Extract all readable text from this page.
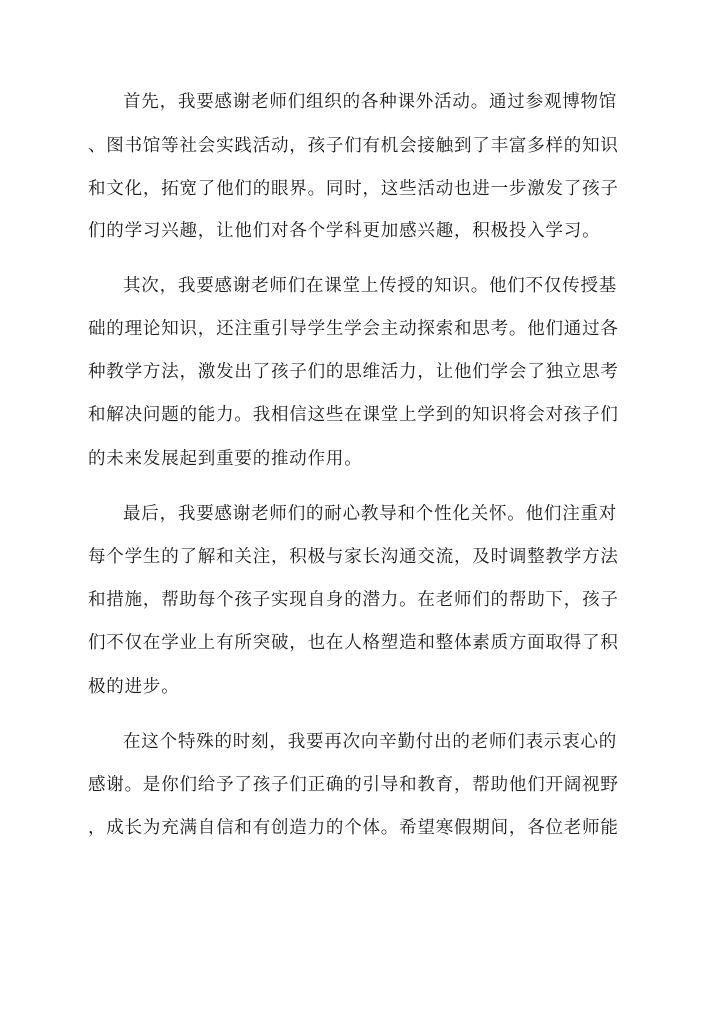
首先，我要感谢老师们组织的各种课外活动。通过参观博物馆
、图书馆等社会实践活动，孩子们有机会接触到了丰富多样的知识
和文化，拓宽了他们的眼界。同时，这些活动也进一步激发了孩子
们的学习兴趣，让他们对各个学科更加感兴趣，积极投入学习。
其次，我要感谢老师们在课堂上传授的知识。他们不仅传授基
础的理论知识，还注重引导学生学会主动探索和思考。他们通过各
种教学方法，激发出了孩子们的思维活力，让他们学会了独立思考
和解决问题的能力。我相信这些在课堂上学到的知识将会对孩子们
的未来发展起到重要的推动作用。
最后，我要感谢老师们的耐心教导和个性化关怀。他们注重对
每个学生的了解和关注，积极与家长沟通交流，及时调整教学方法
和措施，帮助每个孩子实现自身的潜力。在老师们的帮助下，孩子
们不仅在学业上有所突破，也在人格塑造和整体素质方面取得了积
极的进步。
在这个特殊的时刻，我要再次向辛勤付出的老师们表示衷心的
感谢。是你们给予了孩子们正确的引导和教育，帮助他们开阔视野
，成长为充满自信和有创造力的个体。希望寒假期间，各位老师能
